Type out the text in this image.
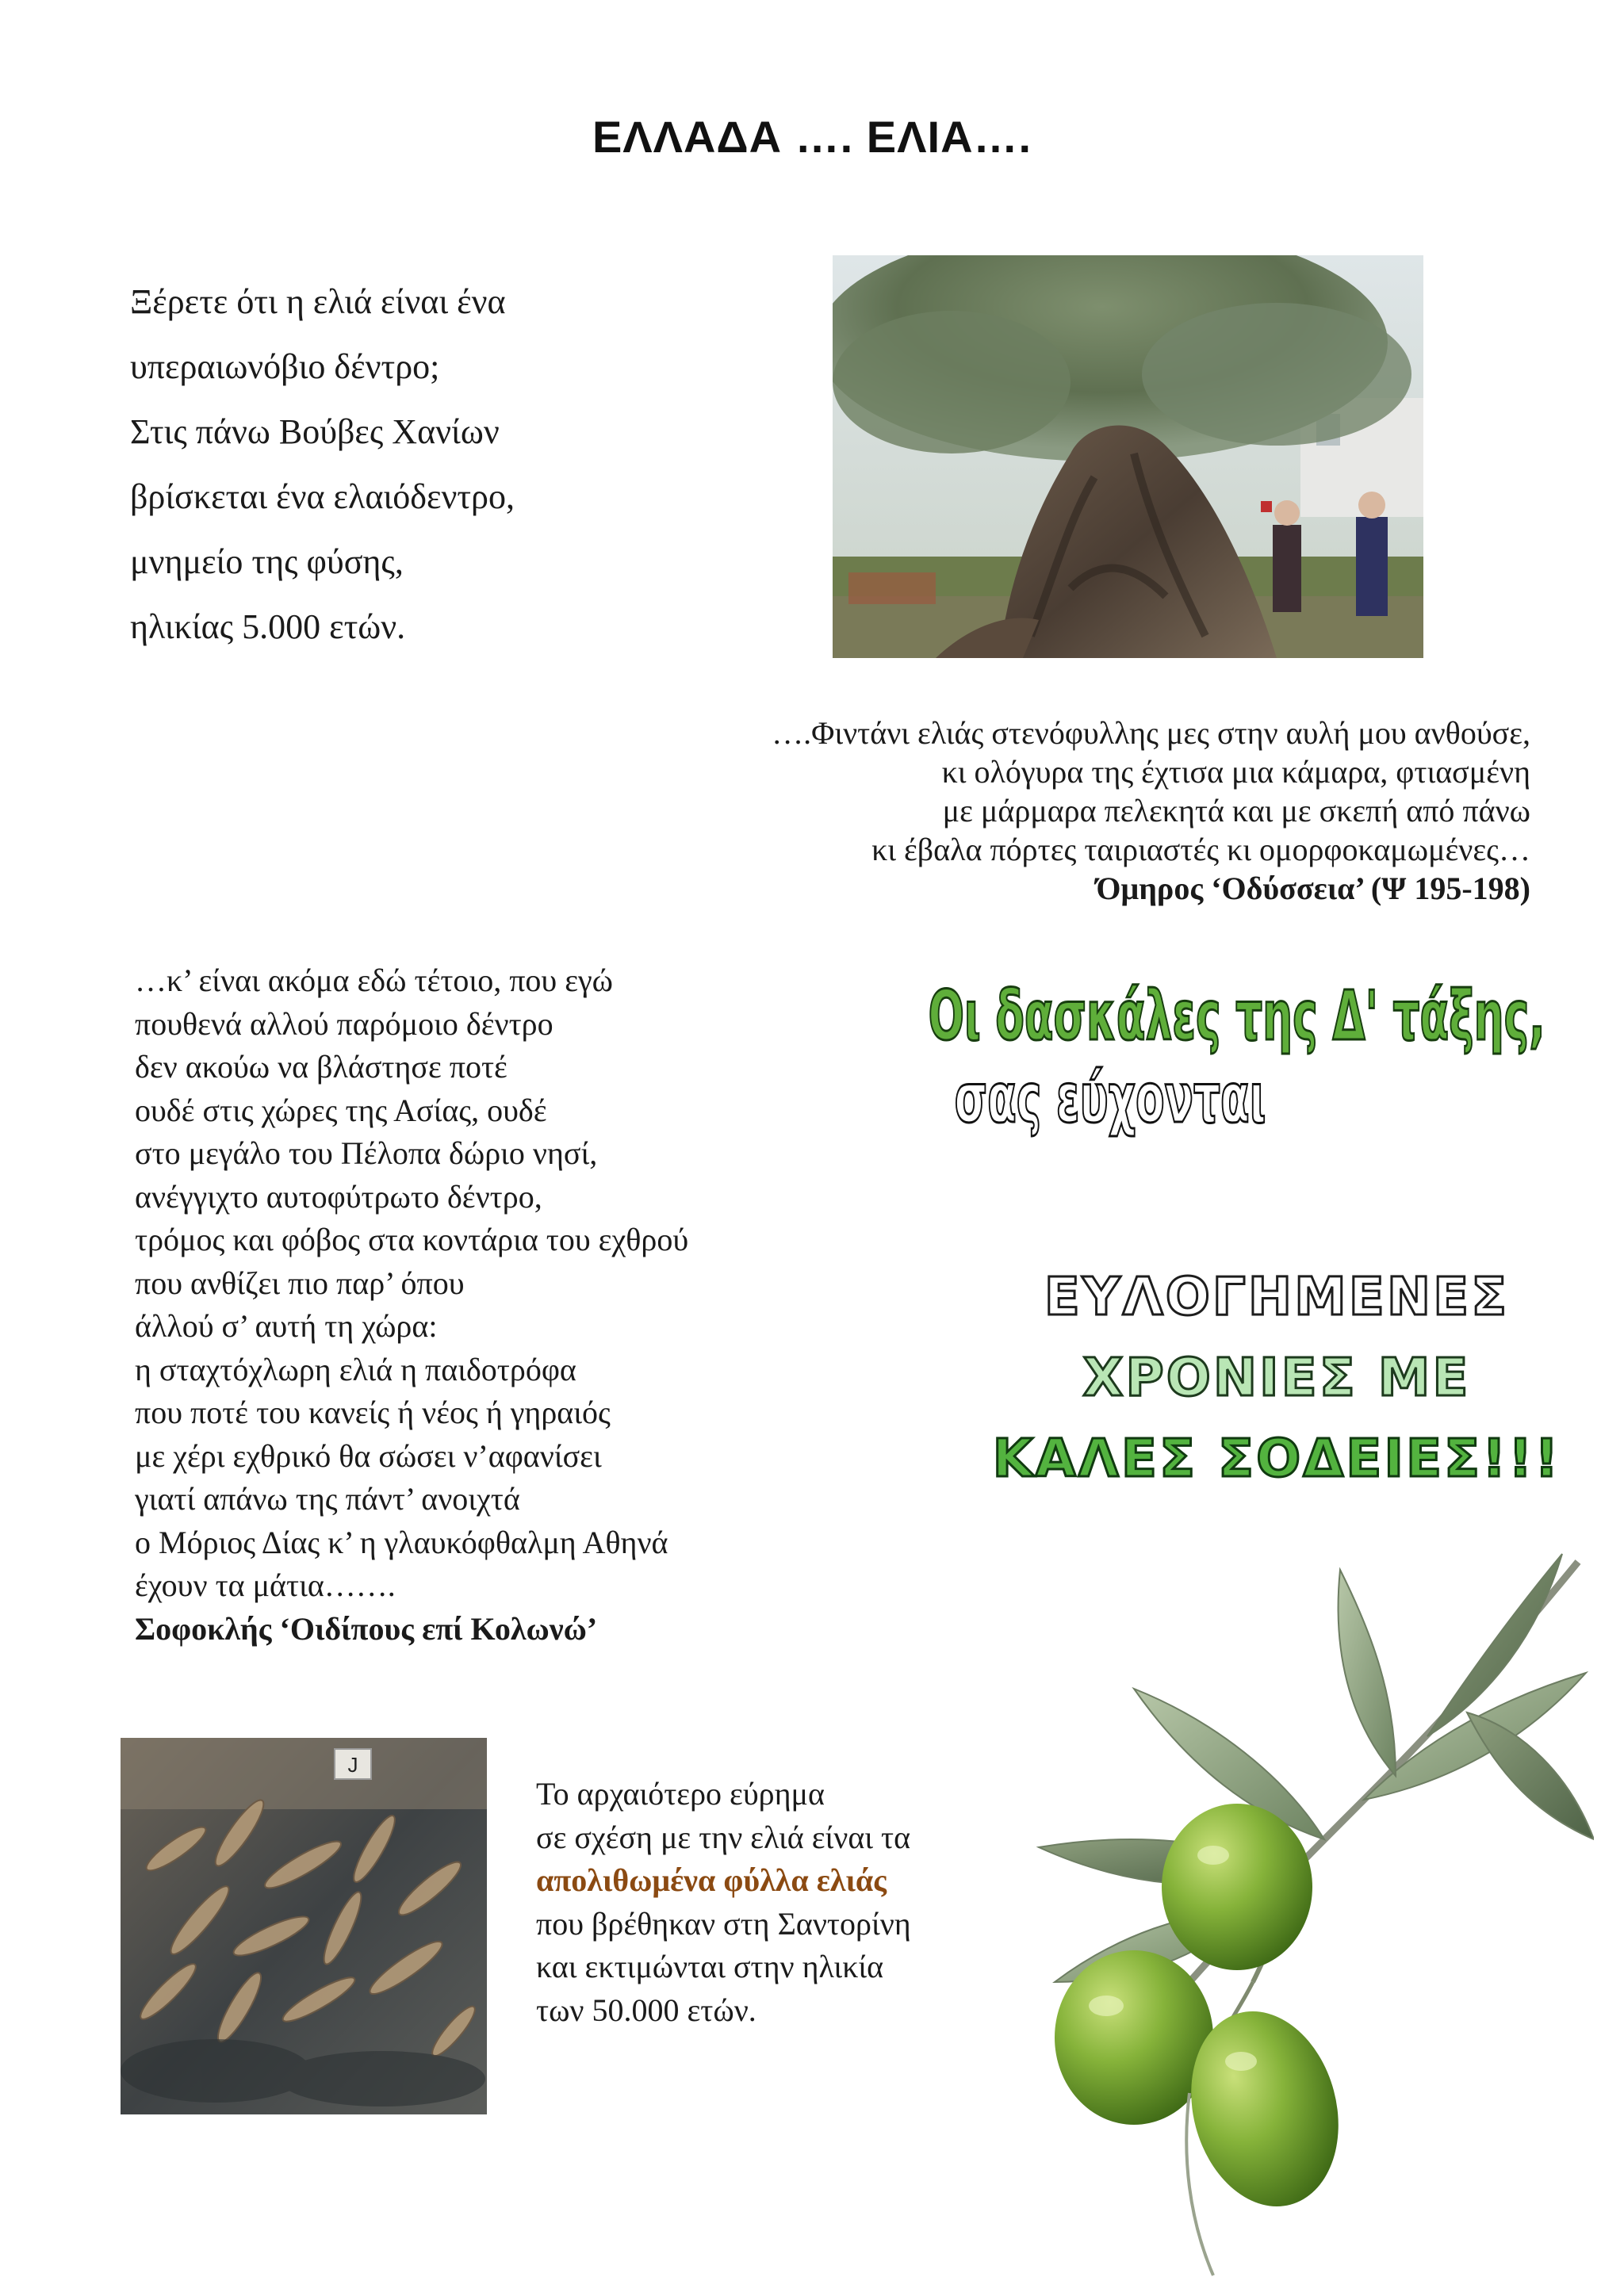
ΕΛΛΑΔΑ …. ΕΛΙΑ….
Ξέρετε ότι η ελιά είναι ένα
υπεραιωνόβιο δέντρο;
Στις πάνω Βούβες Χανίων
βρίσκεται ένα ελαιόδεντρο,
μνημείο της φύσης,
ηλικίας 5.000 ετών.
….Φιντάνι ελιάς στενόφυλλης μες στην αυλή μου ανθούσε,
κι ολόγυρα της έχτισα μια κάμαρα, φτιασμένη
με μάρμαρα πελεκητά και με σκεπή από πάνω
κι έβαλα πόρτες ταιριαστές κι ομορφοκαμωμένες…
Όμηρος ‘Οδύσσεια’ (Ψ 195-198)
…κ’ είναι ακόμα εδώ τέτοιο, που εγώ
πουθενά αλλού παρόμοιο δέντρο
δεν ακούω να βλάστησε ποτέ
ουδέ στις χώρες της Ασίας, ουδέ
στο μεγάλο του Πέλοπα δώριο νησί,
ανέγγιχτο αυτοφύτρωτο δέντρο,
τρόμος και φόβος στα κοντάρια του εχθρού
που ανθίζει πιο παρ’ όπου
άλλού σ’ αυτή τη χώρα:
η σταχτόχλωρη ελιά η παιδοτρόφα
που ποτέ του κανείς ή νέος ή γηραιός
με χέρι εχθρικό θα σώσει ν’αφανίσει
γιατί απάνω της πάντ’ ανοιχτά
ο Μόριος Δίας κ’ η γλαυκόφθαλμη Αθηνά
έχουν τα μάτια…….
Σοφοκλής ‘Οιδίπους επί Κολωνώ’
Οι δασκάλες της Δ' τάξης,
σας εύχονται
ΕΥΛΟΓΗΜΕΝΕΣ
ΧΡΟΝΙΕΣ ΜΕ
ΚΑΛΕΣ ΣΟΔΕΙΕΣ!!!
J
Το αρχαιότερο εύρημα
σε σχέση με την ελιά είναι τα
απολιθωμένα φύλλα ελιάς
που βρέθηκαν στη Σαντορίνη
και εκτιμώνται στην ηλικία
των 50.000 ετών.
